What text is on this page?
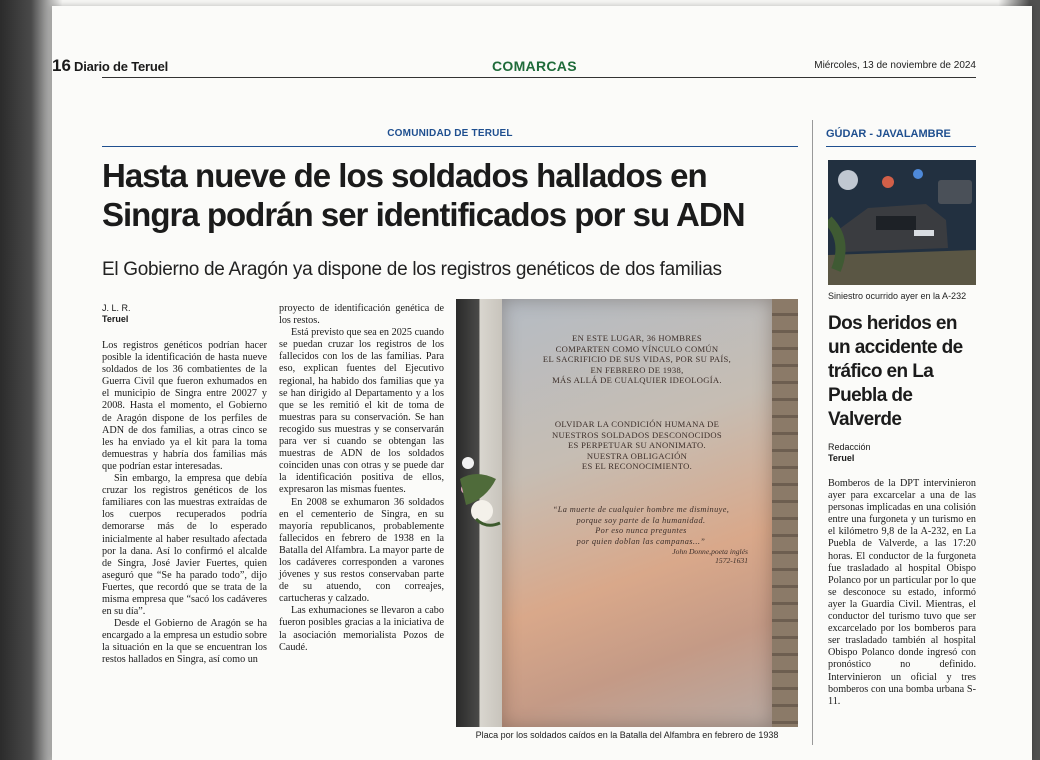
16 Diario de Teruel	COMARCAS	Miércoles, 13 de noviembre de 2024
COMUNIDAD DE TERUEL
Hasta nueve de los soldados hallados en
Singra podrán ser identificados por su ADN
El Gobierno de Aragón ya dispone de los registros genéticos de dos familias
J. L. R.
Teruel

Los registros genéticos podrían hacer posible la identificación de hasta nueve soldados de los 36 combatientes de la Guerra Civil que fueron exhumados en el municipio de Singra entre 20027 y 2008. Hasta el momento, el Gobierno de Aragón dispone de los perfiles de ADN de dos familias, a otras cinco se les ha enviado ya el kit para la toma demuestras y habría dos familias más que podrían estar interesadas.

Sin embargo, la empresa que debía cruzar los registros genéticos de los familiares con las muestras extraídas de los cuerpos recuperados podría demorarse más de lo esperado inicialmente al haber resultado afectada por la dana. Así lo confirmó el alcalde de Singra, José Javier Fuertes, quien aseguró que “Se ha parado todo”, dijo Fuertes, que recordó que se trata de la misma empresa que “sacó los cadáveres en su día”.

Desde el Gobierno de Aragón se ha encargado a la empresa un estudio sobre la situación en la que se encuentran los restos hallados en Singra, así como un

proyecto de identificación genética de los restos.

Está previsto que sea en 2025 cuando se puedan cruzar los registros de los fallecidos con los de las familias. Para eso, explican fuentes del Ejecutivo regional, ha habido dos familias que ya se han dirigido al Departamento y a los que se les remitió el kit de toma de muestras para su conservación. Se han recogido sus muestras y se conservarán para ver si cuando se obtengan las muestras de ADN de los soldados coinciden unas con otras y se puede dar la identificación positiva de ellos, expresaron las mismas fuentes.

En 2008 se exhumaron 36 soldados en el cementerio de Singra, en su mayoría republicanos, probablemente fallecidos en febrero de 1938 en la Batalla del Alfambra. La mayor parte de los cadáveres corresponden a varones jóvenes y sus restos conservaban parte de su atuendo, con correajes, cartucheras y calzado.

Las exhumaciones se llevaron a cabo fueron posibles gracias a la iniciativa de la asociación memorialista Pozos de Caudé.

EN ESTE LUGAR, 36 HOMBRES
COMPARTEN COMO VÍNCULO COMÚN
EL SACRIFICIO DE SUS VIDAS, POR SU PAÍS,
EN FEBRERO DE 1938,
MÁS ALLÁ DE CUALQUIER IDEOLOGÍA.
OLVIDAR LA CONDICIÓN HUMANA DE
NUESTROS SOLDADOS DESCONOCIDOS
ES PERPETUAR SU ANONIMATO.
NUESTRA OBLIGACIÓN
ES EL RECONOCIMIENTO.
“La muerte de cualquier hombre me disminuye,
porque soy parte de la humanidad.
Por eso nunca preguntes
por quien doblan las campanas...”
John Donne,poeta inglés
1572-1631
Placa por los soldados caídos en la Batalla del Alfambra en febrero de 1938
GÚDAR - JAVALAMBRE
Siniestro ocurrido ayer en la A-232
Dos heridos en un accidente de tráfico en La Puebla de Valverde
Redacción
Teruel

Bomberos de la DPT intervinieron ayer para excarcelar a una de las personas implicadas en una colisión entre una furgoneta y un turismo en el kilómetro 9,8 de la A-232, en La Puebla de Valverde, a las 17:20 horas. El conductor de la furgoneta fue trasladado al hospital Obispo Polanco por un particular por lo que se desconoce su estado, informó ayer la Guardia Civil. Mientras, el conductor del turismo tuvo que ser excarcelado por los bomberos para ser trasladado también al hospital Obispo Polanco donde ingresó con pronóstico no definido. Intervinieron un oficial y tres bomberos con una bomba urbana S-11.
